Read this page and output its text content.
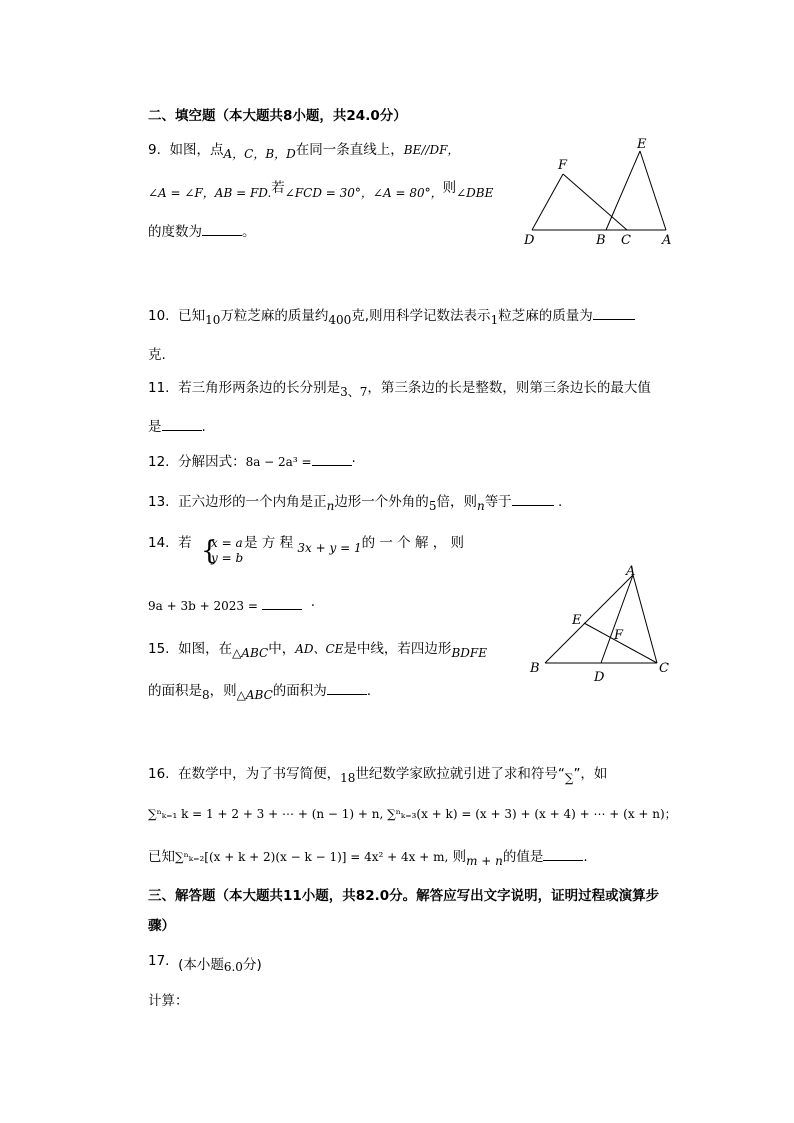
二、填空题（本大题共8小题，共24.0分）
9. 如图，点A，C，B，D在同一条直线上，BE//DF，
∠A = ∠F，AB = FD.若∠FCD = 30°，∠A = 80°，则∠DBE
的度数为	。
F
E
D	B C A
10. 已知10万粒芝麻的质量约400克,则用科学记数法表示1粒芝麻的质量为
克.
11. 若三角形两条边的长分别是3、7，第三条边的长是整数，则第三条边长的最大值
是	.
12. 分解因式：8a − 2a³ =	·
13. 正六边形的一个内角是正n边形一个外角的5倍，则n等于	.
14. 若 {
x = a
y = b
是 方 程 3x + y = 1的 一 个 解 ， 则
9a + 3b + 2023 =	·
A
E
F
B
D
C
15. 如图，在△ABC中，AD、CE是中线，若四边形BDFE
的面积是8，则△ABC的面积为	.
16. 在数学中，为了书写简便，18世纪数学家欧拉就引进了求和符号“∑”，如
∑ⁿₖ₌₁ k = 1 + 2 + 3 + ⋯ + (n − 1) + n, ∑ⁿₖ₌₃(x + k) = (x + 3) + (x + 4) + ⋯ + (x + n)；
已知∑ⁿₖ₌₂[(x + k + 2)(x − k − 1)] = 4x² + 4x + m, 则m + n的值是	.
三、解答题（本大题共11小题，共82.0分。解答应写出文字说明，证明过程或演算步
骤）
17. (本小题6.0分)
计算：
